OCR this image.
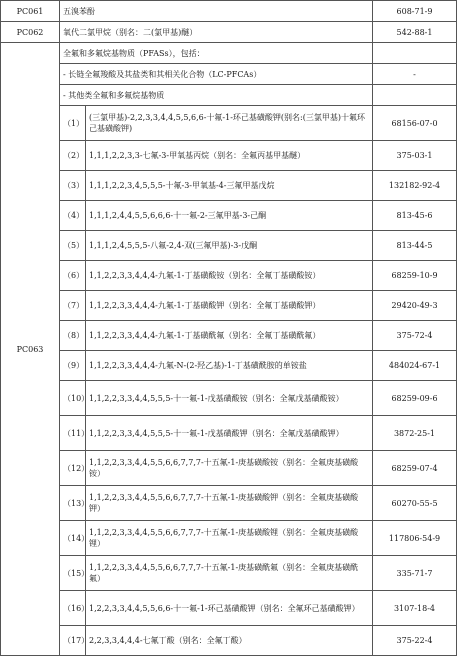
PC061	五溴苯酚		608-71-9
PC062	氧代二氯甲烷（别名：二(氯甲基)醚）		542-88-1
PC063	全氟和多氟烷基物质（PFASs），包括：		
	- 长链全氟羧酸及其盐类和其相关化合物（LC-PFCAs）		-
	- 其他类全氟和多氟烷基物质		
	（1）	(三氯甲基)-2,2,3,3,4,4,5,5,6,6-十氟-1-环己基磺酸钾(别名:(三氯甲基)十氟环己基磺酸钾)	68156-07-0
	（2）	1,1,1,2,2,3,3-七氟-3-甲氧基丙烷（别名：全氟丙基甲基醚）	375-03-1
	（3）	1,1,1,2,2,3,4,5,5,5-十氟-3-甲氧基-4-三氟甲基戊烷	132182-92-4
	（4）	1,1,1,2,4,4,5,5,6,6,6-十一氟-2-三氟甲基-3-己酮	813-45-6
	（5）	1,1,1,2,4,5,5,5-八氟-2,4-双(三氟甲基)-3-戊酮	813-44-5
	（6）	1,1,2,2,3,3,4,4,4-九氟-1-丁基磺酸铵（别名：全氟丁基磺酸铵）	68259-10-9
	（7）	1,1,2,2,3,3,4,4,4-九氟-1-丁基磺酸钾（别名：全氟丁基磺酸钾）	29420-49-3
	（8）	1,1,2,2,3,3,4,4,4-九氟-1-丁基磺酰氟（别名：全氟丁基磺酰氟）	375-72-4
	（9）	1,1,2,2,3,3,4,4,4-九氟-N-(2-羟乙基)-1-丁基磺酰胺的单铵盐	484024-67-1
	（10）	1,1,2,2,3,3,4,4,5,5,5-十一氟-1-戊基磺酸铵（别名：全氟戊基磺酸铵）	68259-09-6
	（11）	1,1,2,2,3,3,4,4,5,5,5-十一氟-1-戊基磺酸钾（别名：全氟戊基磺酸钾）	3872-25-1
	（12）	1,1,2,2,3,3,4,4,5,5,6,6,7,7,7-十五氟-1-庚基磺酸铵（别名：全氟庚基磺酸铵）	68259-07-4
	（13）	1,1,2,2,3,3,4,4,5,5,6,6,7,7,7-十五氟-1-庚基磺酸钾（别名：全氟庚基磺酸钾）	60270-55-5
	（14）	1,1,2,2,3,3,4,4,5,5,6,6,7,7,7-十五氟-1-庚基磺酸锂（别名：全氟庚基磺酸锂）	117806-54-9
	（15）	1,1,2,2,3,3,4,4,5,5,6,6,7,7,7-十五氟-1-庚基磺酰氟（别名：全氟庚基磺酰氟）	335-71-7
	（16）	1,2,2,3,3,4,4,5,5,6,6-十一氟-1-环己基磺酸钾（别名：全氟环己基磺酸钾）	3107-18-4
	（17）	2,2,3,3,4,4,4-七氟丁酸（别名：全氟丁酸）	375-22-4
